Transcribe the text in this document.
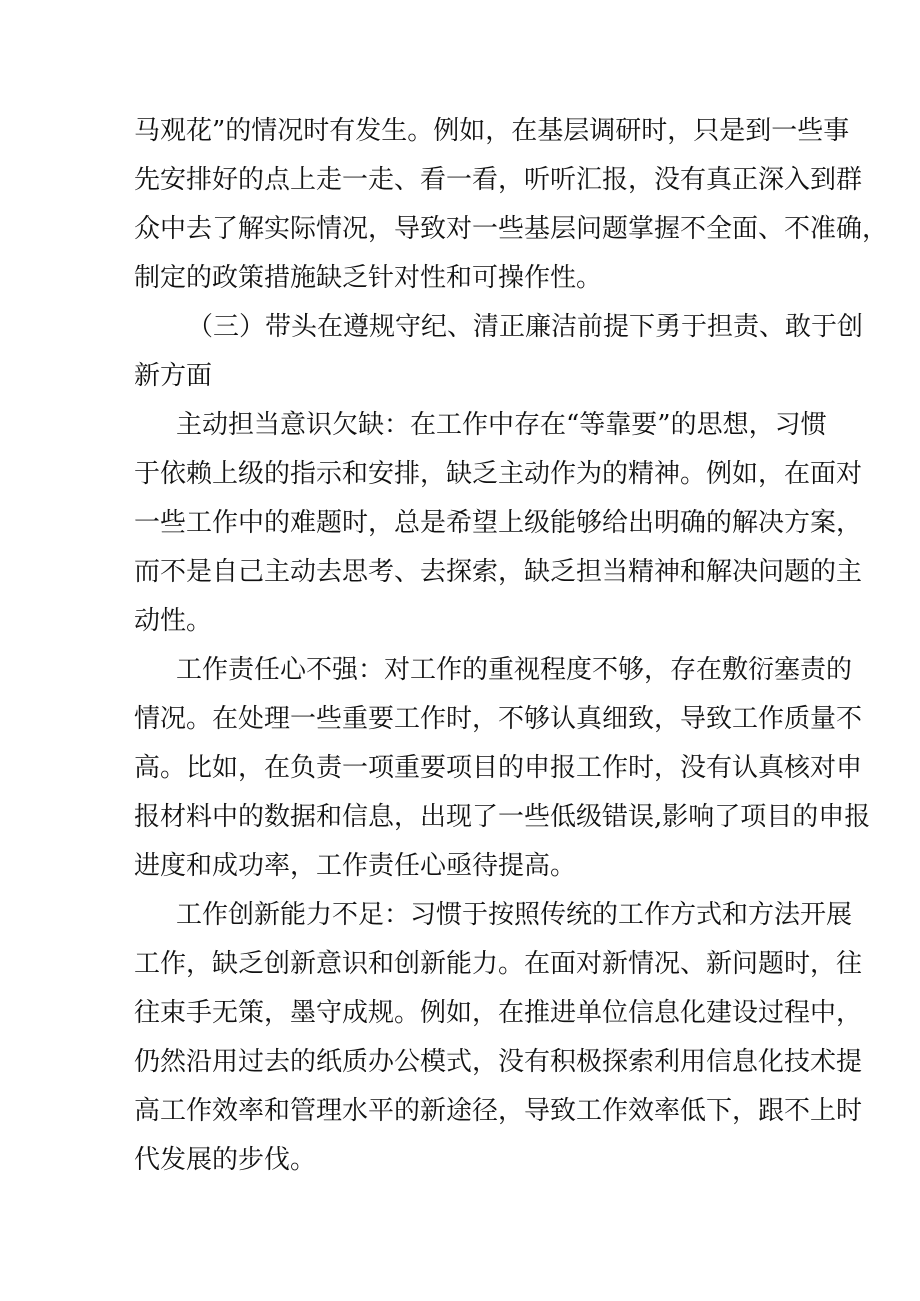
马观花”的情况时有发生。例如，在基层调研时，只是到一些事

先安排好的点上走一走、看一看，听听汇报，没有真正深入到群

众中去了解实际情况，导致对一些基层问题掌握不全面、不准确，

制定的政策措施缺乏针对性和可操作性。

（三）带头在遵规守纪、清正廉洁前提下勇于担责、敢于创

新方面

主动担当意识欠缺：在工作中存在“等靠要”的思想，习惯

于依赖上级的指示和安排，缺乏主动作为的精神。例如，在面对

一些工作中的难题时，总是希望上级能够给出明确的解决方案，

而不是自己主动去思考、去探索，缺乏担当精神和解决问题的主

动性。

工作责任心不强：对工作的重视程度不够，存在敷衍塞责的

情况。在处理一些重要工作时，不够认真细致，导致工作质量不

高。比如，在负责一项重要项目的申报工作时，没有认真核对申

报材料中的数据和信息，出现了一些低级错误,影响了项目的申报

进度和成功率，工作责任心亟待提高。

工作创新能力不足：习惯于按照传统的工作方式和方法开展

工作，缺乏创新意识和创新能力。在面对新情况、新问题时，往

往束手无策，墨守成规。例如，在推进单位信息化建设过程中，

仍然沿用过去的纸质办公模式，没有积极探索利用信息化技术提

高工作效率和管理水平的新途径，导致工作效率低下，跟不上时

代发展的步伐。
